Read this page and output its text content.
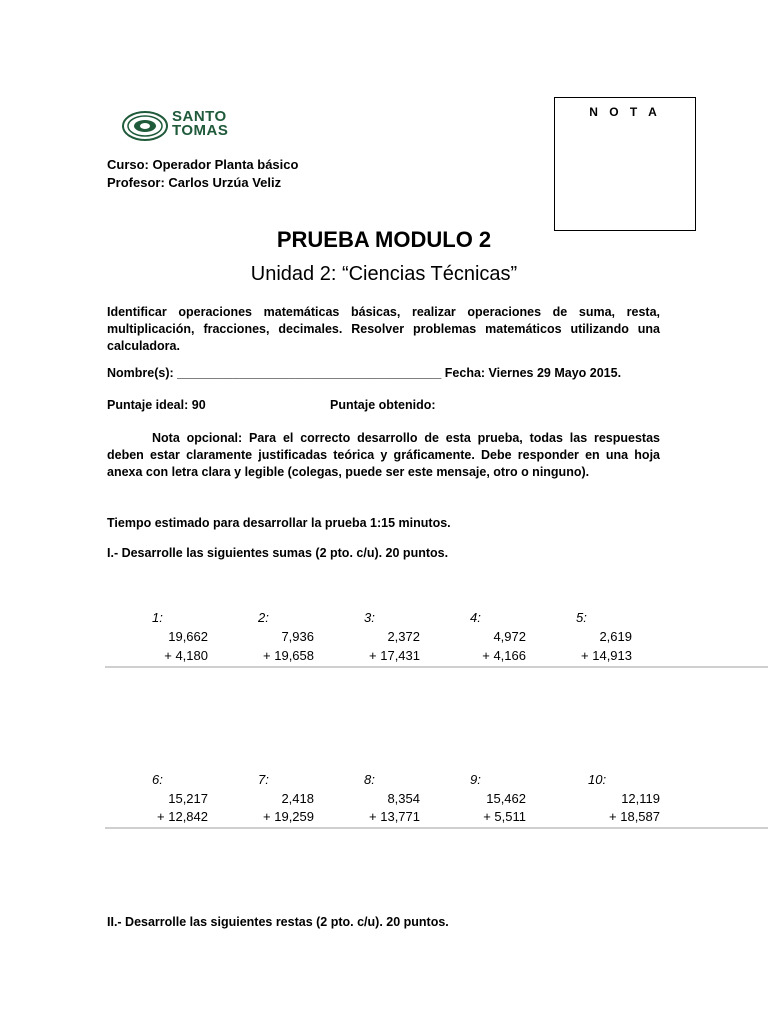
SANTO
TOMAS
N O T A
Curso: Operador Planta básico
Profesor: Carlos Urzúa Veliz
PRUEBA MODULO 2
Unidad 2: “Ciencias Técnicas”
Identificar operaciones matemáticas básicas, realizar operaciones de suma, resta, multiplicación, fracciones, decimales. Resolver problemas matemáticos utilizando una calculadora.
Nombre(s): ______________________________________ Fecha: Viernes 29 Mayo 2015.
Puntaje ideal: 90	Puntaje obtenido:
Nota opcional: Para el correcto desarrollo de esta prueba, todas las respuestas deben estar claramente justificadas teórica y gráficamente. Debe responder en una hoja anexa con letra clara y legible (colegas, puede ser este mensaje, otro o ninguno).
Tiempo estimado para desarrollar la prueba 1:15 minutos.
I.- Desarrolle las siguientes sumas (2 pto. c/u). 20 puntos.
1:	2:	3:	4:	5:
19,662	7,936	2,372	4,972	2,619
+ 4,180	+ 19,658	+ 17,431	+ 4,166	+ 14,913
6:	7:	8:	9:	10:
15,217	2,418	8,354	15,462	12,119
+ 12,842	+ 19,259	+ 13,771	+ 5,511	+ 18,587
II.- Desarrolle las siguientes restas (2 pto. c/u). 20 puntos.
